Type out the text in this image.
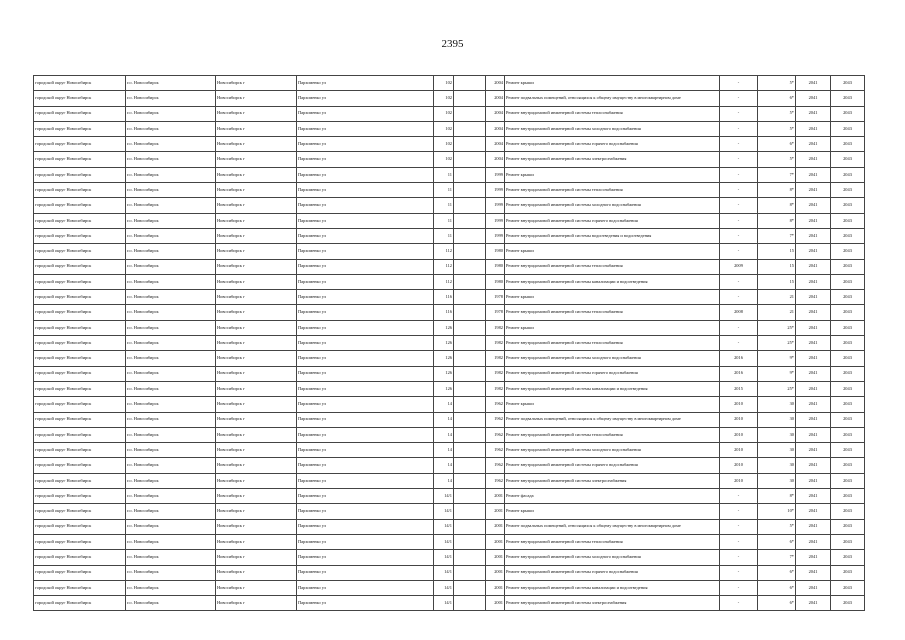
2395
городской округ Новосибирск	г.о. Новосибирск	Новосибирск г	Пархоменко ул	102		2004	Ремонт крыши	-	5*	2041	2043
городской округ Новосибирск	г.о. Новосибирск	Новосибирск г	Пархоменко ул	102		2004	Ремонт подвальных помещений, относящихся к общему имуществу в многоквартирном доме	-	6*	2041	2043
городской округ Новосибирск	г.о. Новосибирск	Новосибирск г	Пархоменко ул	102		2004	Ремонт внутридомовой инженерной системы теплоснабжения	-	5*	2041	2043
городской округ Новосибирск	г.о. Новосибирск	Новосибирск г	Пархоменко ул	102		2004	Ремонт внутридомовой инженерной системы холодного водоснабжения	-	5*	2041	2043
городской округ Новосибирск	г.о. Новосибирск	Новосибирск г	Пархоменко ул	102		2004	Ремонт внутридомовой инженерной системы горячего водоснабжения	-	6*	2041	2043
городской округ Новосибирск	г.о. Новосибирск	Новосибирск г	Пархоменко ул	102		2004	Ремонт внутридомовой инженерной системы электроснабжения	-	5*	2041	2043
городской округ Новосибирск	г.о. Новосибирск	Новосибирск г	Пархоменко ул	11		1999	Ремонт крыши	-	7*	2041	2043
городской округ Новосибирск	г.о. Новосибирск	Новосибирск г	Пархоменко ул	11		1999	Ремонт внутридомовой инженерной системы теплоснабжения	-	8*	2041	2043
городской округ Новосибирск	г.о. Новосибирск	Новосибирск г	Пархоменко ул	11		1999	Ремонт внутридомовой инженерной системы холодного водоснабжения	-	8*	2041	2043
городской округ Новосибирск	г.о. Новосибирск	Новосибирск г	Пархоменко ул	11		1999	Ремонт внутридомовой инженерной системы горячего водоснабжения	-	8*	2041	2043
городской округ Новосибирск	г.о. Новосибирск	Новосибирск г	Пархоменко ул	11		1999	Ремонт внутридомовой инженерной системы водоотведения и водоотведения	-	7*	2041	2043
городской округ Новосибирск	г.о. Новосибирск	Новосибирск г	Пархоменко ул	112		1980	Ремонт крыши	-	15	2041	2043
городской округ Новосибирск	г.о. Новосибирск	Новосибирск г	Пархоменко ул	112		1980	Ремонт внутридомовой инженерной системы теплоснабжения	2009	15	2041	2043
городской округ Новосибирск	г.о. Новосибирск	Новосибирск г	Пархоменко ул	112		1980	Ремонт внутридомовой инженерной системы канализации и водоотведения	-	15	2041	2043
городской округ Новосибирск	г.о. Новосибирск	Новосибирск г	Пархоменко ул	116		1978	Ремонт крыши	-	21	2041	2043
городской округ Новосибирск	г.о. Новосибирск	Новосибирск г	Пархоменко ул	116		1978	Ремонт внутридомовой инженерной системы теплоснабжения	2008	21	2041	2043
городской округ Новосибирск	г.о. Новосибирск	Новосибирск г	Пархоменко ул	126		1982	Ремонт крыши	-	25*	2041	2043
городской округ Новосибирск	г.о. Новосибирск	Новосибирск г	Пархоменко ул	126		1982	Ремонт внутридомовой инженерной системы теплоснабжения	-	25*	2041	2043
городской округ Новосибирск	г.о. Новосибирск	Новосибирск г	Пархоменко ул	126		1982	Ремонт внутридомовой инженерной системы холодного водоснабжения	2016	9*	2041	2043
городской округ Новосибирск	г.о. Новосибирск	Новосибирск г	Пархоменко ул	126		1982	Ремонт внутридомовой инженерной системы горячего водоснабжения	2016	9*	2041	2043
городской округ Новосибирск	г.о. Новосибирск	Новосибирск г	Пархоменко ул	126		1982	Ремонт внутридомовой инженерной системы канализации и водоотведения	2015	25*	2041	2043
городской округ Новосибирск	г.о. Новосибирск	Новосибирск г	Пархоменко ул	14		1962	Ремонт крыши	2010	30	2041	2043
городской округ Новосибирск	г.о. Новосибирск	Новосибирск г	Пархоменко ул	14		1962	Ремонт подвальных помещений, относящихся к общему имуществу в многоквартирном доме	2010	30	2041	2043
городской округ Новосибирск	г.о. Новосибирск	Новосибирск г	Пархоменко ул	14		1962	Ремонт внутридомовой инженерной системы теплоснабжения	2010	30	2041	2043
городской округ Новосибирск	г.о. Новосибирск	Новосибирск г	Пархоменко ул	14		1962	Ремонт внутридомовой инженерной системы холодного водоснабжения	2010	30	2041	2043
городской округ Новосибирск	г.о. Новосибирск	Новосибирск г	Пархоменко ул	14		1962	Ремонт внутридомовой инженерной системы горячего водоснабжения	2010	30	2041	2043
городской округ Новосибирск	г.о. Новосибирск	Новосибирск г	Пархоменко ул	14		1962	Ремонт внутридомовой инженерной системы электроснабжения	2010	30	2041	2043
городской округ Новосибирск	г.о. Новосибирск	Новосибирск г	Пархоменко ул	14/1		2001	Ремонт фасада	-	8*	2041	2043
городской округ Новосибирск	г.о. Новосибирск	Новосибирск г	Пархоменко ул	14/1		2001	Ремонт крыши	-	10*	2041	2043
городской округ Новосибирск	г.о. Новосибирск	Новосибирск г	Пархоменко ул	14/1		2001	Ремонт подвальных помещений, относящихся к общему имуществу в многоквартирном доме	-	5*	2041	2043
городской округ Новосибирск	г.о. Новосибирск	Новосибирск г	Пархоменко ул	14/1		2001	Ремонт внутридомовой инженерной системы теплоснабжения	-	6*	2041	2043
городской округ Новосибирск	г.о. Новосибирск	Новосибирск г	Пархоменко ул	14/1		2001	Ремонт внутридомовой инженерной системы холодного водоснабжения	-	7*	2041	2043
городской округ Новосибирск	г.о. Новосибирск	Новосибирск г	Пархоменко ул	14/1		2001	Ремонт внутридомовой инженерной системы горячего водоснабжения	-	6*	2041	2043
городской округ Новосибирск	г.о. Новосибирск	Новосибирск г	Пархоменко ул	14/1		2001	Ремонт внутридомовой инженерной системы канализации и водоотведения	-	6*	2041	2043
городской округ Новосибирск	г.о. Новосибирск	Новосибирск г	Пархоменко ул	14/1		2001	Ремонт внутридомовой инженерной системы электроснабжения	-	6*	2041	2043
